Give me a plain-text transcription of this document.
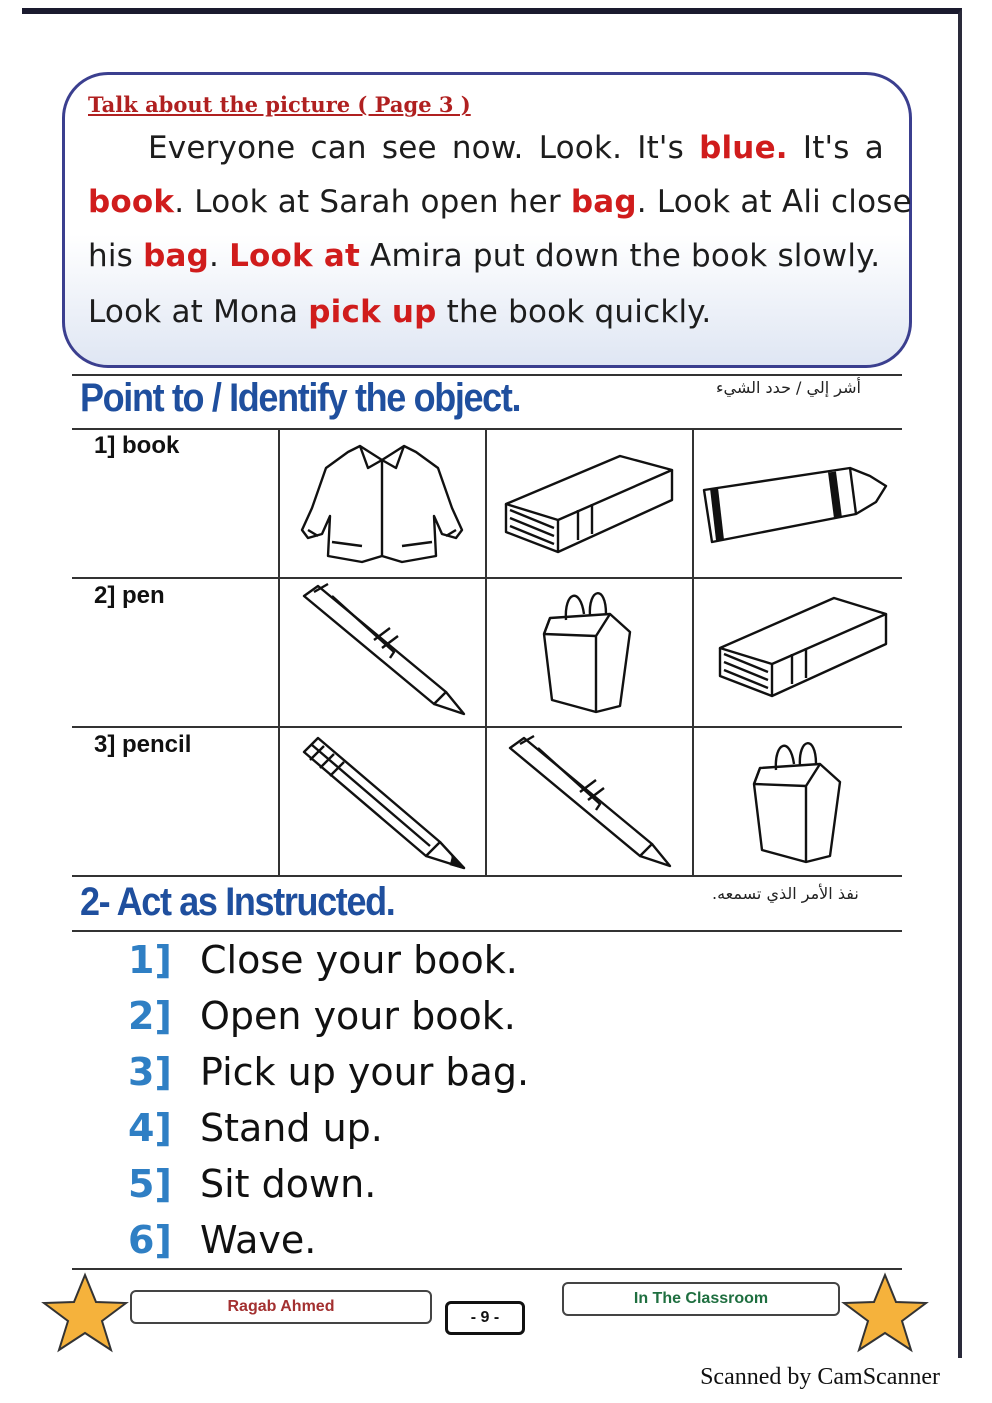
Talk about the picture ( Page 3 )
Everyone can see now. Look. It's blue. It's a
book. Look at Sarah open her bag. Look at Ali close
his bag. Look at Amira put down the book slowly.
Look at Mona pick up the book quickly.
Point to / Identify the object.	أشر إلي / حدد الشيء
1] book
2] pen
3] pencil
2- Act as Instructed.	نفذ الأمر الذي تسمعه.
1] Close your book.
2] Open your book.
3] Pick up your bag.
4] Stand up.
5] Sit down.
6] Wave.
Ragab Ahmed
- 9 -
In The Classroom
Scanned by CamScanner
